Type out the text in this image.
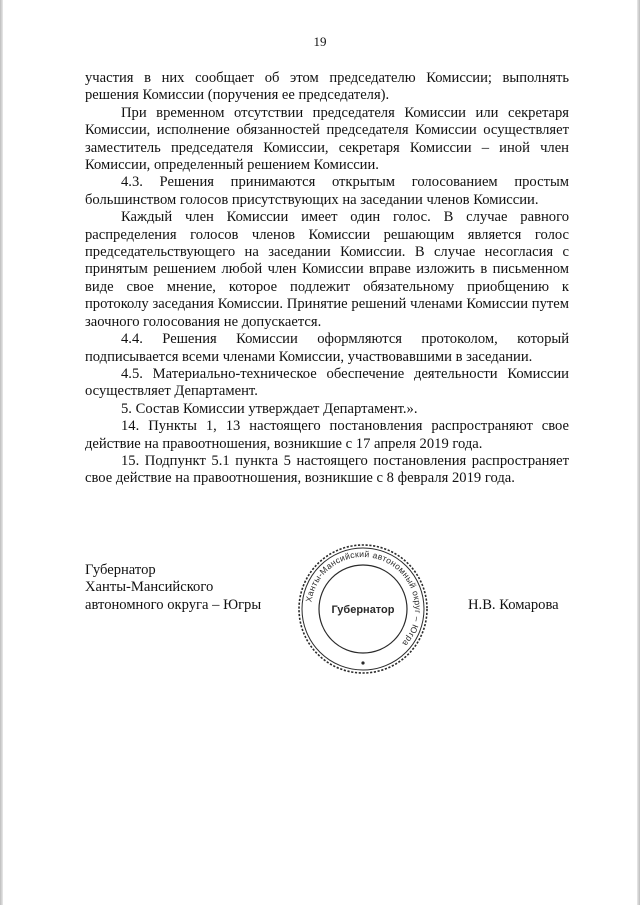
19

участия в них сообщает об этом председателю Комиссии; выполнять решения Комиссии (поручения ее председателя).

При временном отсутствии председателя Комиссии или секретаря Комиссии, исполнение обязанностей председателя Комиссии осуществляет заместитель председателя Комиссии, секретаря Комиссии – иной член Комиссии, определенный решением Комиссии.

4.3. Решения принимаются открытым голосованием простым большинством голосов присутствующих на заседании членов Комиссии.

Каждый член Комиссии имеет один голос. В случае равного распределения голосов членов Комиссии решающим является голос председательствующего на заседании Комиссии. В случае несогласия с принятым решением любой член Комиссии вправе изложить в письменном виде свое мнение, которое подлежит обязательному приобщению к протоколу заседания Комиссии. Принятие решений членами Комиссии путем заочного голосования не допускается.

4.4. Решения Комиссии оформляются протоколом, который подписывается всеми членами Комиссии, участвовавшими в заседании.

4.5. Материально-техническое обеспечение деятельности Комиссии осуществляет Департамент.

5. Состав Комиссии утверждает Департамент.».

14. Пункты 1, 13 настоящего постановления распространяют свое действие на правоотношения, возникшие с 17 апреля 2019 года.

15. Подпункт 5.1 пункта 5 настоящего постановления распространяет свое действие на правоотношения, возникшие с 8 февраля 2019 года.

Губернатор
Ханты-Мансийского
автономного округа – Югры	Ханты-Мансийский автономный округ – Югра
Губернатор	Н.В. Комарова
